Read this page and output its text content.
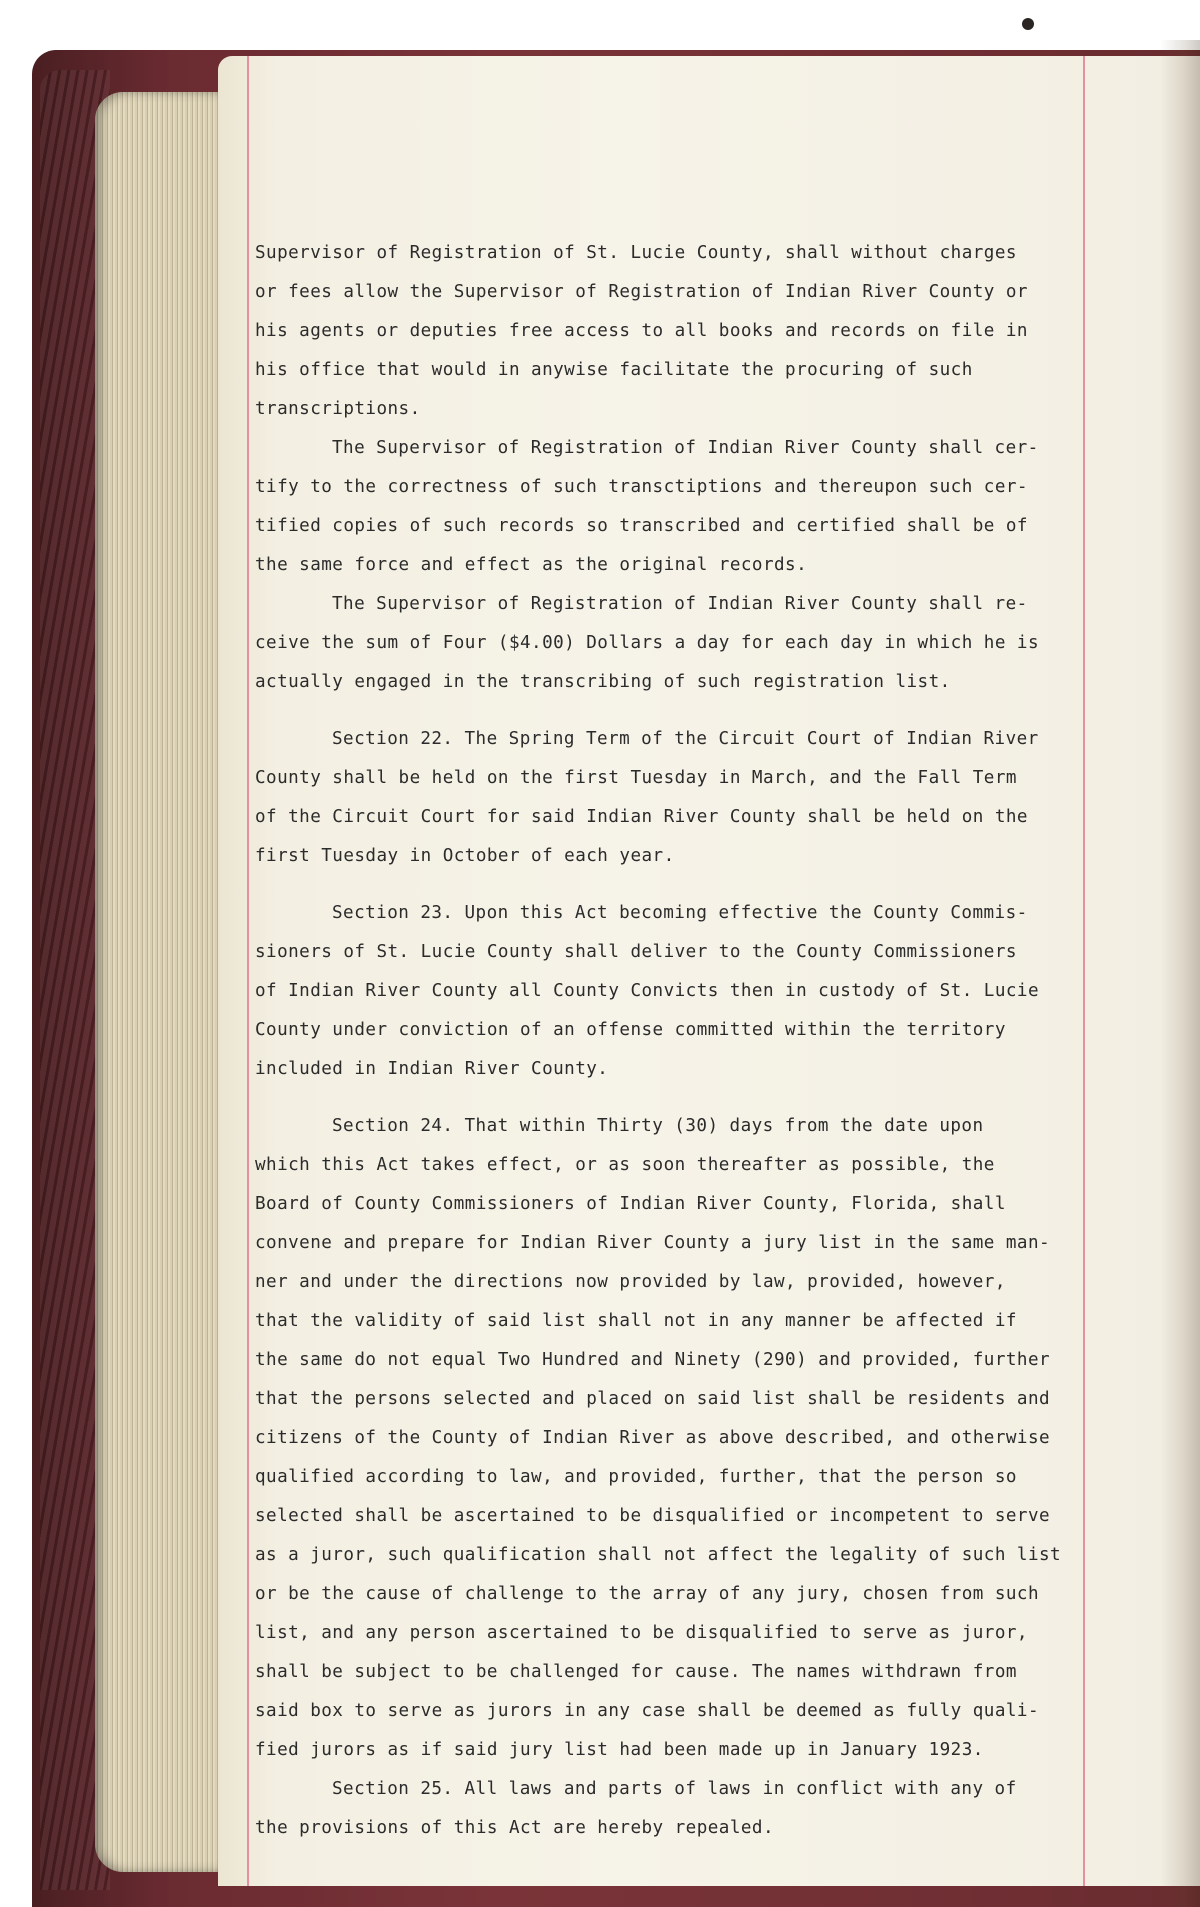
Supervisor of Registration of St. Lucie County, shall without charges
or fees allow the Supervisor of Registration of Indian River County or
his agents or deputies free access to all books and records on file in
his office that would in anywise facilitate the procuring of such
transcriptions.
The Supervisor of Registration of Indian River County shall cer-
tify to the correctness of such transctiptions and thereupon such cer-
tified copies of such records so transcribed and certified shall be of
the same force and effect as the original records.
The Supervisor of Registration of Indian River County shall re-
ceive the sum of Four ($4.00) Dollars a day for each day in which he is
actually engaged in the transcribing of such registration list.
Section 22. The Spring Term of the Circuit Court of Indian River
County shall be held on the first Tuesday in March, and the Fall Term
of the Circuit Court for said Indian River County shall be held on the
first Tuesday in October of each year.
Section 23. Upon this Act becoming effective the County Commis-
sioners of St. Lucie County shall deliver to the County Commissioners
of Indian River County all County Convicts then in custody of St. Lucie
County under conviction of an offense committed within the territory
included in Indian River County.
Section 24. That within Thirty (30) days from the date upon
which this Act takes effect, or as soon thereafter as possible, the
Board of County Commissioners of Indian River County, Florida, shall
convene and prepare for Indian River County a jury list in the same man-
ner and under the directions now provided by law, provided, however,
that the validity of said list shall not in any manner be affected if
the same do not equal Two Hundred and Ninety (290) and provided, further
that the persons selected and placed on said list shall be residents and
citizens of the County of Indian River as above described, and otherwise
qualified according to law, and provided, further, that the person so
selected shall be ascertained to be disqualified or incompetent to serve
as a juror, such qualification shall not affect the legality of such list
or be the cause of challenge to the array of any jury, chosen from such
list, and any person ascertained to be disqualified to serve as juror,
shall be subject to be challenged for cause. The names withdrawn from
said box to serve as jurors in any case shall be deemed as fully quali-
fied jurors as if said jury list had been made up in January 1923.
Section 25. All laws and parts of laws in conflict with any of
the provisions of this Act are hereby repealed.
